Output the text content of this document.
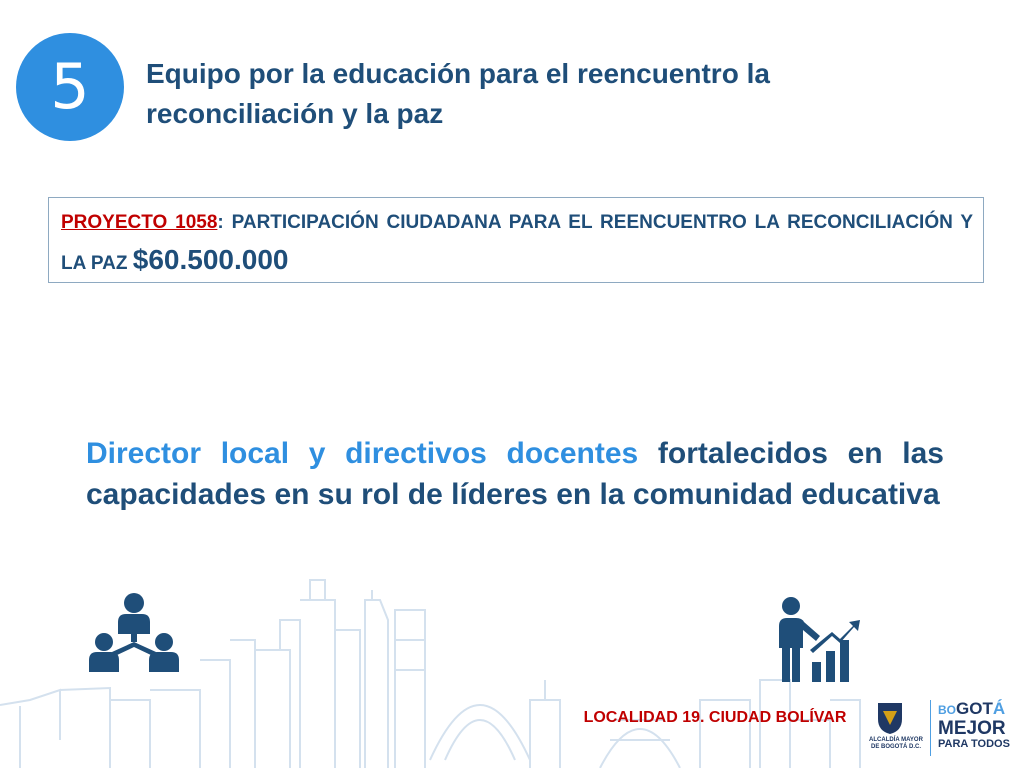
5	Equipo por la educación para el reencuentro la
reconciliación y la paz
PROYECTO 1058: PARTICIPACIÓN CIUDADANA PARA EL REENCUENTRO LA RECONCILIACIÓN Y LA PAZ $60.500.000
Director local y directivos docentes fortalecidos en las capacidades en su rol de líderes en la comunidad educativa
LOCALIDAD 19. CIUDAD BOLÍVAR
ALCALDÍA MAYOR
DE BOGOTÁ D.C.
BOGOTÁ
MEJOR
PARA TODOS
